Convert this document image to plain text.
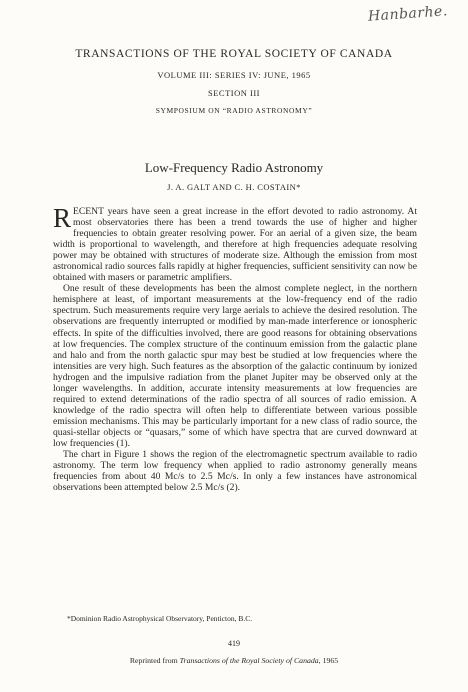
Hanbarhe.
TRANSACTIONS OF THE ROYAL SOCIETY OF CANADA
VOLUME III: SERIES IV: JUNE, 1965
SECTION III
SYMPOSIUM ON “RADIO ASTRONOMY”
Low-Frequency Radio Astronomy
J. A. GALT AND C. H. COSTAIN*

RECENT years have seen a great increase in the effort devoted to radio astronomy. At most observatories there has been a trend towards the use of higher and higher frequencies to obtain greater resolving power. For an aerial of a given size, the beam width is proportional to wavelength, and therefore at high frequencies adequate resolving power may be obtained with structures of moderate size. Although the emission from most astronomical radio sources falls rapidly at higher frequencies, sufficient sensitivity can now be obtained with masers or parametric amplifiers.

One result of these developments has been the almost complete neglect, in the northern hemisphere at least, of important measurements at the low-frequency end of the radio spectrum. Such measurements require very large aerials to achieve the desired resolution. The observations are frequently interrupted or modified by man-made interference or ionospheric effects. In spite of the difficulties involved, there are good reasons for obtaining observations at low frequencies. The complex structure of the continuum emission from the galactic plane and halo and from the north galactic spur may best be studied at low frequencies where the intensities are very high. Such features as the absorption of the galactic continuum by ionized hydrogen and the impulsive radiation from the planet Jupiter may be observed only at the longer wavelengths. In addition, accurate intensity measurements at low frequencies are required to extend determinations of the radio spectra of all sources of radio emission. A knowledge of the radio spectra will often help to differentiate between various possible emission mechanisms. This may be particularly important for a new class of radio source, the quasi-stellar objects or “quasars,” some of which have spectra that are curved downward at low frequencies (1).

The chart in Figure 1 shows the region of the electromagnetic spectrum available to radio astronomy. The term low frequency when applied to radio astronomy generally means frequencies from about 40 Mc/s to 2.5 Mc/s. In only a few instances have astronomical observations been attempted below 2.5 Mc/s (2).

*Dominion Radio Astrophysical Observatory, Penticton, B.C.
419
Reprinted from Transactions of the Royal Society of Canada, 1965
